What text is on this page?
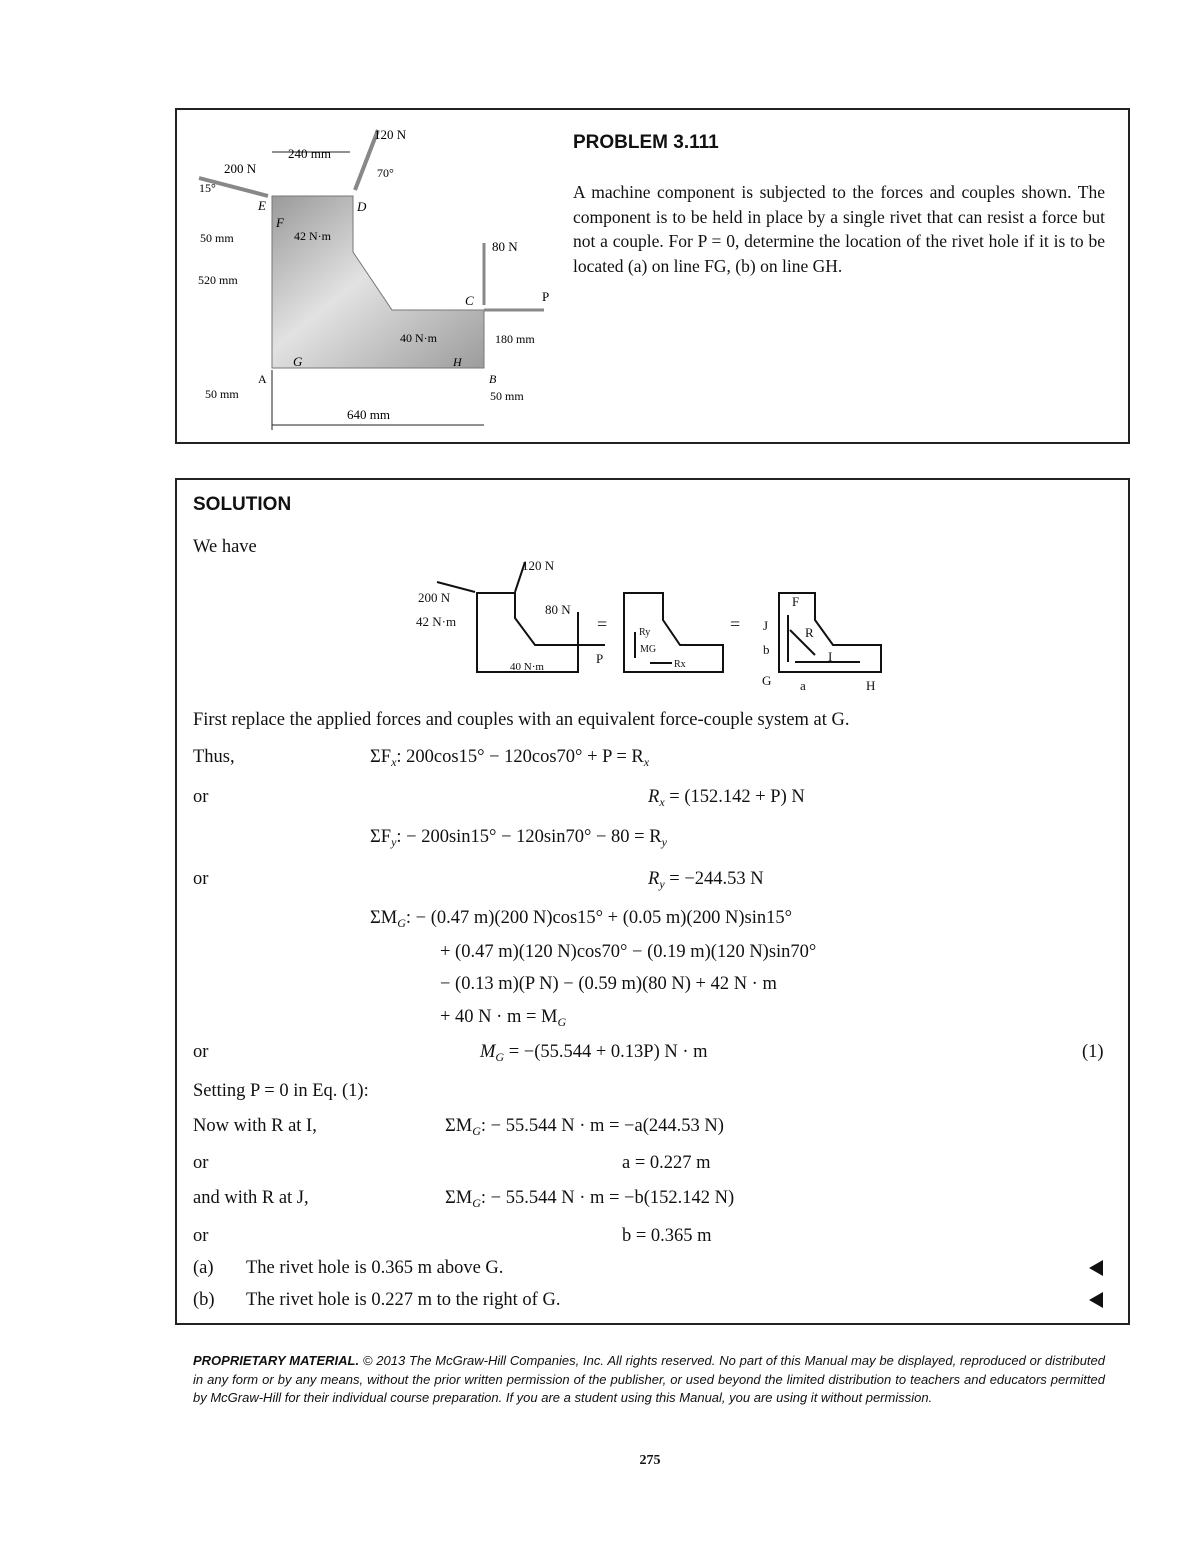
120 N
240 mm
200 N
15°
70°
E	D
F
42 N·m
50 mm
520 mm
80 N
C	P
40 N·m
H
G
A	B
180 mm
50 mm	50 mm
640 mm
PROBLEM 3.111
A machine component is subjected to the forces and couples shown. The component is to be held in place by a single rivet that can resist a force but not a couple. For P = 0, determine the location of the rivet hole if it is to be located (a) on line FG, (b) on line GH.
SOLUTION
We have
120 N
200 N
42 N·m
80 N
40 N·m
P
=	Ry
MG
Rx
=
F
J	R
I
b
G a	H
First replace the applied forces and couples with an equivalent force-couple system at G.
Thus,	$\Sigma F_x$: $200\cos 15^\circ - 120\cos 70^\circ + P = R_x$
or	$R_x = (152.142 + P)$ N
$\Sigma F_y$: − $200\sin 15^\circ - 120\sin 70^\circ - 80 = R_y$
or	$R_y = -244.53$ N
$\Sigma M_G$: − (0.47 m)(200 N)cos15° + (0.05 m)(200 N)sin15°
+ (0.47 m)(120 N)cos70° − (0.19 m)(120 N)sin70°
− (0.13 m)(P N) − (0.59 m)(80 N) + 42 N · m
+ 40 $N \cdot m = M_G$
or	$M_G = -(55.544 + 0.13P) N \cdot m$	(1)
Setting P = 0 in Eq. (1):
Now with R at I,	$\Sigma M_G$: − 55.544 N · m = −a(244.53 N)
or	a = 0.227 m
and with R at J,	$\Sigma M_G$: − 55.544 N · m = −b(152.142 N)
or	b = 0.365 m
(a) The rivet hole is 0.365 m above G.
(b) The rivet hole is 0.227 m to the right of G.
PROPRIETARY MATERIAL. © 2013 The McGraw-Hill Companies, Inc. All rights reserved. No part of this Manual may be displayed, reproduced or distributed in any form or by any means, without the prior written permission of the publisher, or used beyond the limited distribution to teachers and educators permitted by McGraw-Hill for their individual course preparation. If you are a student using this Manual, you are using it without permission.
275
